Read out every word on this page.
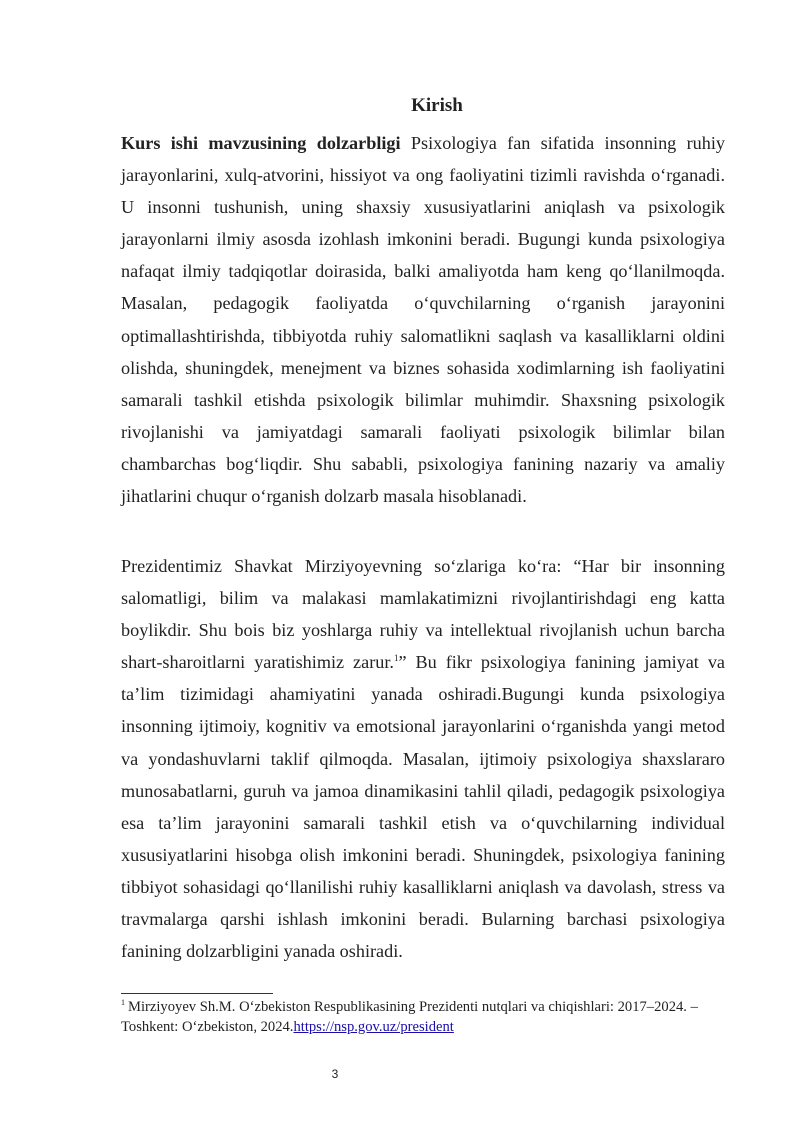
Kirish

Kurs ishi mavzusining dolzarbligi Psixologiya fan sifatida insonning ruhiy jarayonlarini, xulq-atvorini, hissiyot va ong faoliyatini tizimli ravishda o‘rganadi. U insonni tushunish, uning shaxsiy xususiyatlarini aniqlash va psixologik jarayonlarni ilmiy asosda izohlash imkonini beradi. Bugungi kunda psixologiya nafaqat ilmiy tadqiqotlar doirasida, balki amaliyotda ham keng qo‘llanilmoqda. Masalan, pedagogik faoliyatda o‘quvchilarning o‘rganish jarayonini optimallashtirishda, tibbiyotda ruhiy salomatlikni saqlash va kasalliklarni oldini olishda, shuningdek, menejment va biznes sohasida xodimlarning ish faoliyatini samarali tashkil etishda psixologik bilimlar muhimdir. Shaxsning psixologik rivojlanishi va jamiyatdagi samarali faoliyati psixologik bilimlar bilan chambarchas bog‘liqdir. Shu sababli, psixologiya fanining nazariy va amaliy jihatlarini chuqur o‘rganish dolzarb masala hisoblanadi.

Prezidentimiz Shavkat Mirziyoyevning so‘zlariga ko‘ra: “Har bir insonning salomatligi, bilim va malakasi mamlakatimizni rivojlantirishdagi eng katta boylikdir. Shu bois biz yoshlarga ruhiy va intellektual rivojlanish uchun barcha shart-sharoitlarni yaratishimiz zarur.$^1$” Bu fikr psixologiya fanining jamiyat va ta’lim tizimidagi ahamiyatini yanada oshiradi.Bugungi kunda psixologiya insonning ijtimoiy, kognitiv va emotsional jarayonlarini o‘rganishda yangi metod va yondashuvlarni taklif qilmoqda. Masalan, ijtimoiy psixologiya shaxslararo munosabatlarni, guruh va jamoa dinamikasini tahlil qiladi, pedagogik psixologiya esa ta’lim jarayonini samarali tashkil etish va o‘quvchilarning individual xususiyatlarini hisobga olish imkonini beradi. Shuningdek, psixologiya fanining tibbiyot sohasidagi qo‘llanilishi ruhiy kasalliklarni aniqlash va davolash, stress va travmalarga qarshi ishlash imkonini beradi. Bularning barchasi psixologiya fanining dolzarbligini yanada oshiradi.

$^1$ Mirziyoyev Sh.M. O‘zbekiston Respublikasining Prezidenti nutqlari va chiqishlari: 2017–2024. – Toshkent: O‘zbekiston, 2024.https://nsp.gov.uz/president

3
